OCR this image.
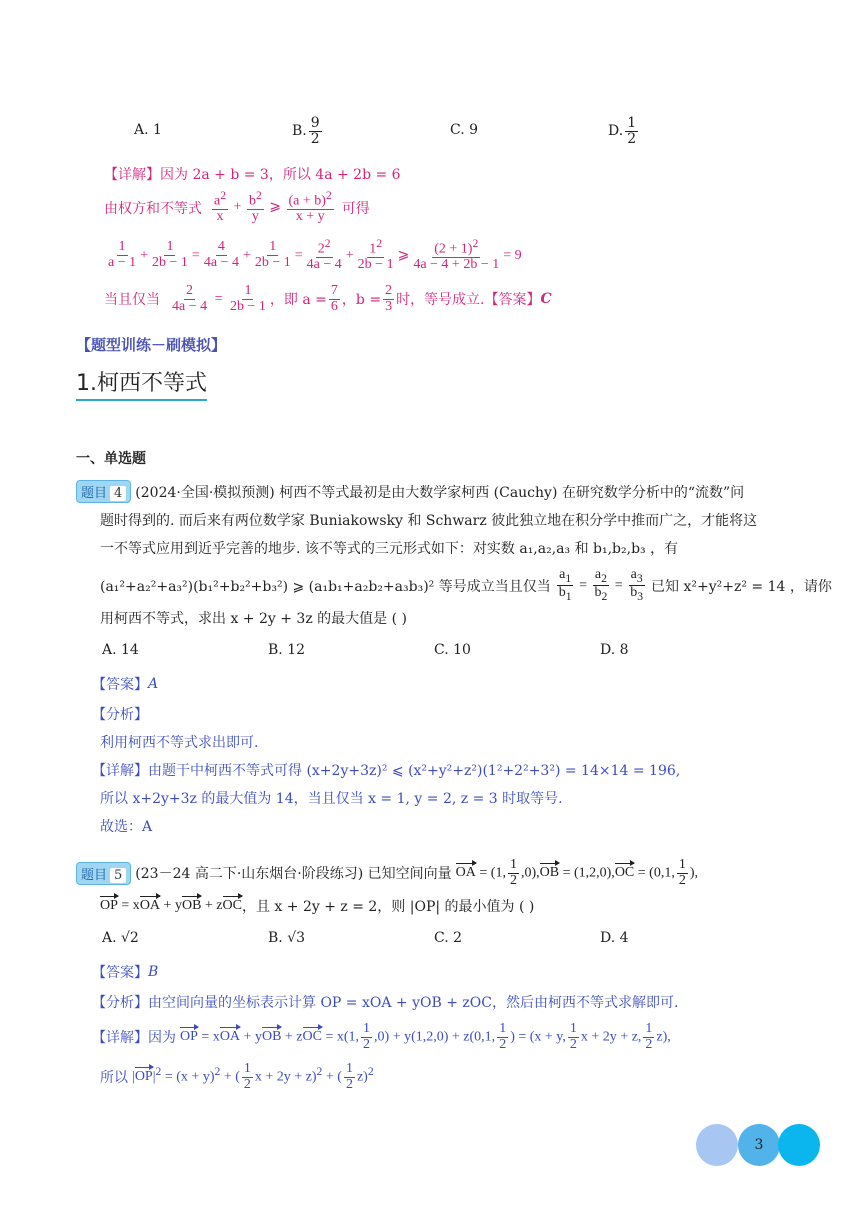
A. 1	B. $\frac{9}{2}$	C. 9	D. $\frac{1}{2}$
【详解】 因为 2a + b = 3，所以 4a + 2b = 6
由权方和不等式 $\frac{a^2}{x} + \frac{b^2}{y}$ ⩾ $\frac{(a + b)^2}{x + y}$ 可得
$\frac{1}{a - 1} + \frac{1}{2b - 1} = \frac{4}{4a - 4} + \frac{1}{2b - 1} = \frac{2^2}{4a - 4} + \frac{1^2}{2b - 1}$ ⩾ $\frac{(2 + 1)^2}{4a - 4 + 2b - 1} = 9$
当且仅当 $\frac{2}{4a - 4} = \frac{1}{2b - 1}$ ，即 $a = \frac{7}{6}$ ，$b = \frac{2}{3}$ 时，等号成立. 【答案】 C
【题型训练－刷模拟】
1.柯西不等式
一、单选题
题目 4 (2024·全国·模拟预测) 柯西不等式最初是由大数学家柯西 (Cauchy) 在研究数学分析中的“流数”问
题时得到的. 而后来有两位数学家 Buniakowsky 和 Schwarz 彼此独立地在积分学中推而广之，才能将这
一不等式应用到近乎完善的地步. 该不等式的三元形式如下：对实数 a₁,a₂,a₃ 和 b₁,b₂,b₃ ，有
(a₁²+a₂²+a₃²)(b₁²+b₂²+b₃²) ⩾ (a₁b₁+a₂b₂+a₃b₃)² 等号成立当且仅当 $\frac{a_1}{b_1} = \frac{a_2}{b_2} = \frac{a_3}{b_3}$ 已知 x²+y²+z² = 14 ，请你
用柯西不等式，求出 x + 2y + 3z 的最大值是 ( )
A. 14	B. 12	C. 10	D. 8
【答案】 A
【分析】
利用柯西不等式求出即可.
【详解】 由题干中柯西不等式可得 (x+2y+3z)² ⩽ (x²+y²+z²)(1²+2²+3²) = 14×14 = 196,
所以 x+2y+3z 的最大值为 14，当且仅当 x = 1, y = 2, z = 3 时取等号.
故选：A
题目 5 (23－24 高二下·山东烟台·阶段练习) 已知空间向量 OA = (1, $\frac{1}{2} ,0),OB = (1,2,0),OC = (0,1$, $\frac{1}{2}$ ),
OP = xOA + yOB + zOC ，且 x + 2y + z = 2，则 |OP| 的最小值为 ( )
A. √2	B. √3	C. 2	D. 4
【答案】 B
【分析】 由空间向量的坐标表示计算 OP = xOA + yOB + zOC，然后由柯西不等式求解即可.
【详解】 因为 OP = xOA + yOB + zOC = x(1, $\frac{1}{2} ,0) + y(1,2,0) + z(0,1$, $\frac{1}{2}$ ) = (x + y, $\frac{1}{2}$ x + 2y + z, $\frac{1}{2} z$),
所以 $|OP|^2 = (x + y)^2$ + ( $\frac{1}{2}$ x + 2y + z)$^2$ + ( $\frac{1}{2} z)^2$
3
